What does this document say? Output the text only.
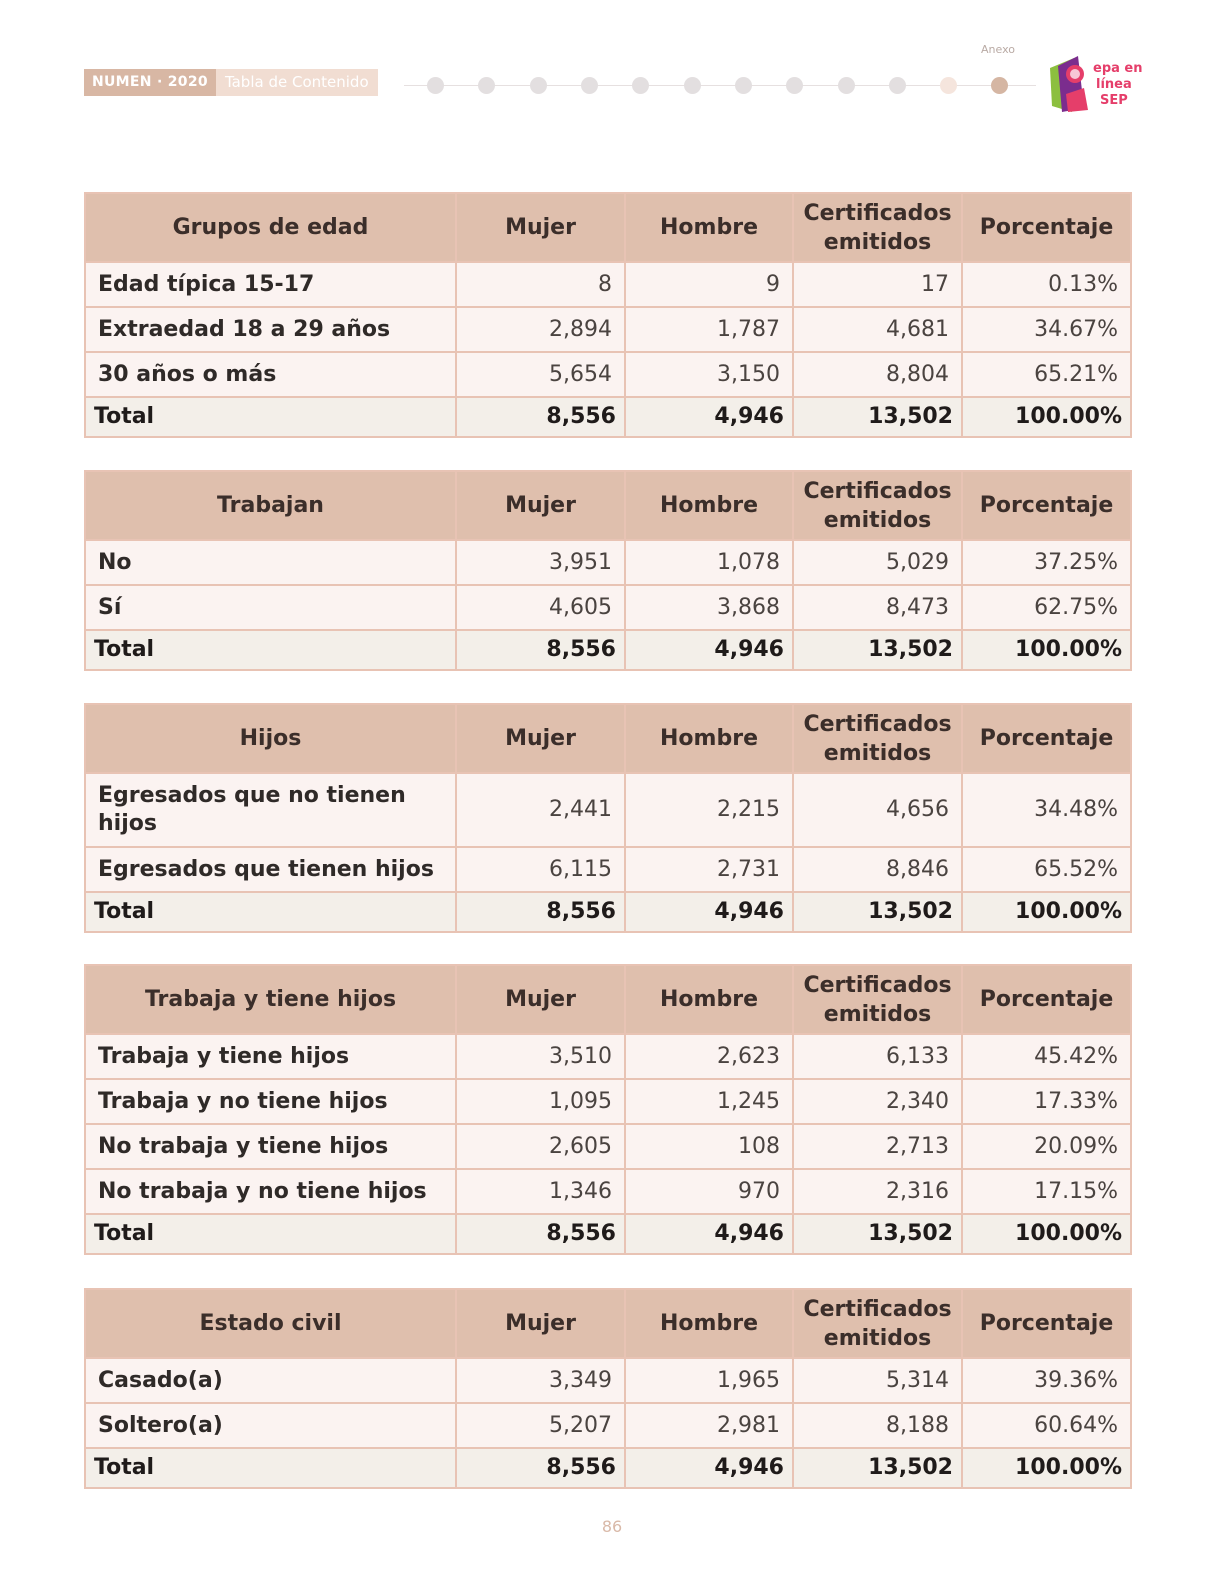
NUMEN · 2020	Tabla de Contenido
Anexo
epa en
línea
SEP
Grupos de edad	Mujer	Hombre	Certificados emitidos	Porcentaje
Edad típica 15-17	8	9	17	0.13%
Extraedad 18 a 29 años	2,894	1,787	4,681	34.67%
30 años o más	5,654	3,150	8,804	65.21%
Total	8,556	4,946	13,502	100.00%
Trabajan	Mujer	Hombre	Certificados emitidos	Porcentaje
No	3,951	1,078	5,029	37.25%
Sí	4,605	3,868	8,473	62.75%
Total	8,556	4,946	13,502	100.00%
Hijos	Mujer	Hombre	Certificados emitidos	Porcentaje
Egresados que no tienen hijos	2,441	2,215	4,656	34.48%
Egresados que tienen hijos	6,115	2,731	8,846	65.52%
Total	8,556	4,946	13,502	100.00%
Trabaja y tiene hijos	Mujer	Hombre	Certificados emitidos	Porcentaje
Trabaja y tiene hijos	3,510	2,623	6,133	45.42%
Trabaja y no tiene hijos	1,095	1,245	2,340	17.33%
No trabaja y tiene hijos	2,605	108	2,713	20.09%
No trabaja y no tiene hijos	1,346	970	2,316	17.15%
Total	8,556	4,946	13,502	100.00%
Estado civil	Mujer	Hombre	Certificados emitidos	Porcentaje
Casado(a)	3,349	1,965	5,314	39.36%
Soltero(a)	5,207	2,981	8,188	60.64%
Total	8,556	4,946	13,502	100.00%
86
